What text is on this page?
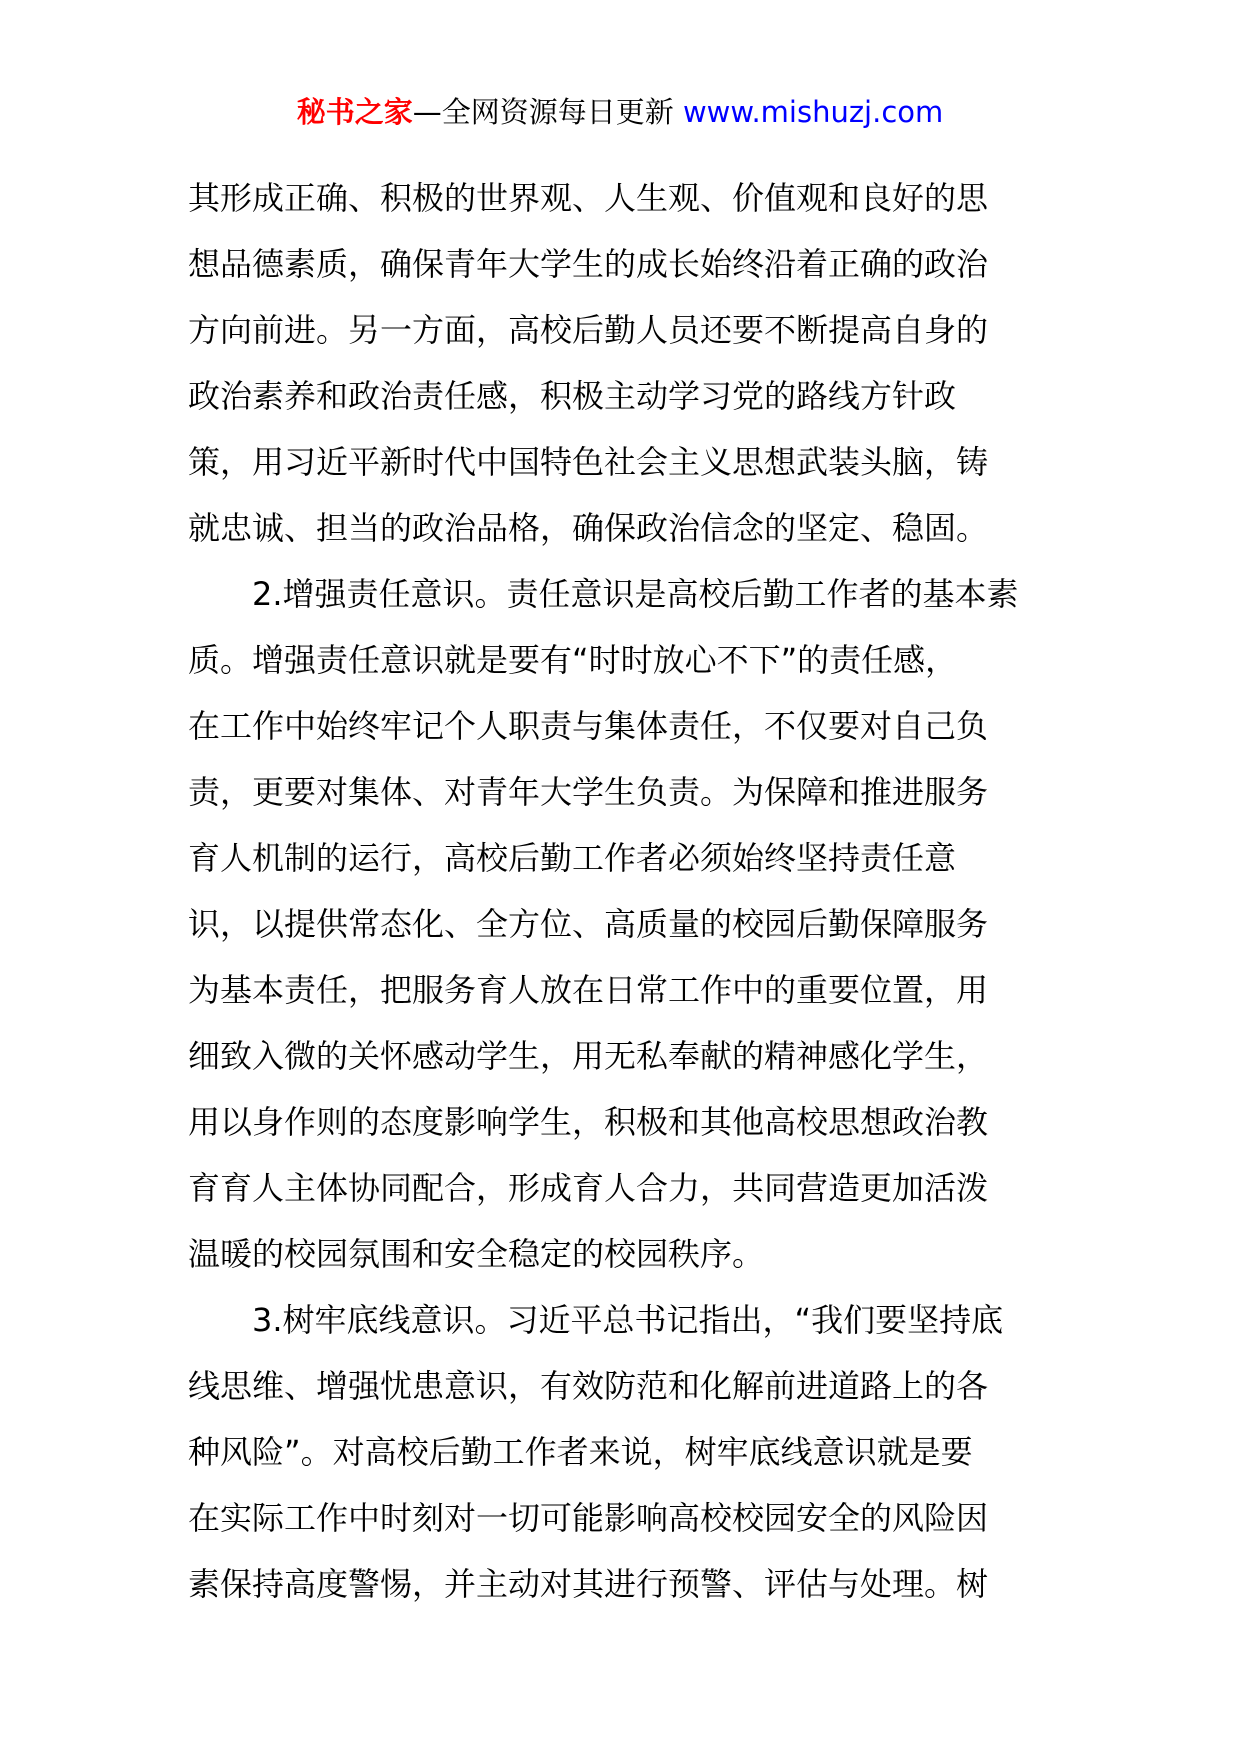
秘书之家—全网资源每日更新 www.mishuzj.com
其形成正确、积极的世界观、人生观、价值观和良好的思
想品德素质，确保青年大学生的成长始终沿着正确的政治
方向前进。另一方面，高校后勤人员还要不断提高自身的
政治素养和政治责任感，积极主动学习党的路线方针政
策，用习近平新时代中国特色社会主义思想武装头脑，铸
就忠诚、担当的政治品格，确保政治信念的坚定、稳固。
2.增强责任意识。责任意识是高校后勤工作者的基本素
质。增强责任意识就是要有“时时放心不下”的责任感，
在工作中始终牢记个人职责与集体责任，不仅要对自己负
责，更要对集体、对青年大学生负责。为保障和推进服务
育人机制的运行，高校后勤工作者必须始终坚持责任意
识，以提供常态化、全方位、高质量的校园后勤保障服务
为基本责任，把服务育人放在日常工作中的重要位置，用
细致入微的关怀感动学生，用无私奉献的精神感化学生，
用以身作则的态度影响学生，积极和其他高校思想政治教
育育人主体协同配合，形成育人合力，共同营造更加活泼
温暖的校园氛围和安全稳定的校园秩序。
3.树牢底线意识。习近平总书记指出，“我们要坚持底
线思维、增强忧患意识，有效防范和化解前进道路上的各
种风险”。对高校后勤工作者来说，树牢底线意识就是要
在实际工作中时刻对一切可能影响高校校园安全的风险因
素保持高度警惕，并主动对其进行预警、评估与处理。树
